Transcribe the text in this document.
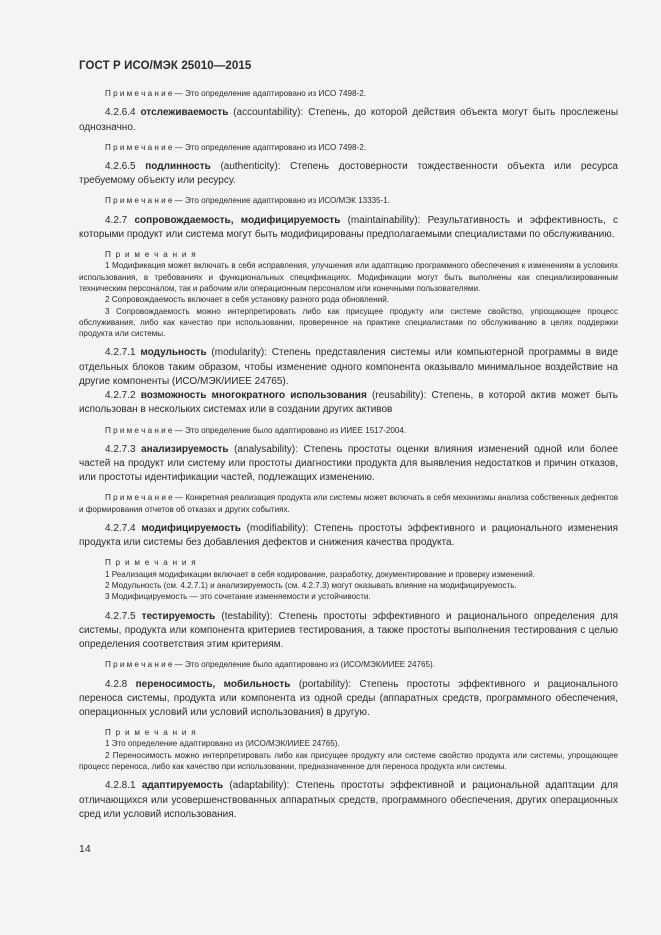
ГОСТ Р ИСО/МЭК 25010—2015

П р и м е ч а н и е — Это определение адаптировано из ИСО 7498-2.

4.2.6.4 отслеживаемость (accountability): Степень, до которой действия объекта могут быть прослежены однозначно.

П р и м е ч а н и е — Это определение адаптировано из ИСО 7498-2.

4.2.6.5 подлинность (authenticity): Степень достоверности тождественности объекта или ресурса требуемому объекту или ресурсу.

П р и м е ч а н и е — Это определение адаптировано из ИСО/МЭК 13335-1.

4.2.7 сопровождаемость, модифицируемость (maintainability): Результативность и эффективность, с которыми продукт или система могут быть модифицированы предполагаемыми специалистами по обслуживанию.

П р и м е ч а н и я

1 Модификация может включать в себя исправления, улучшения или адаптацию программного обеспечения к изменениям в условиях использования, в требованиях и функциональных спецификациях. Модификации могут быть выполнены как специализированным техническим персоналом, так и рабочим или операционным персоналом или конечными пользователями.

2 Сопровождаемость включает в себя установку разного рода обновлений.

3 Сопровождаемость можно интерпретировать либо как присущее продукту или системе свойство, упрощающее процесс обслуживания, либо как качество при использовании, проверенное на практике специалистами по обслуживанию в целях поддержки продукта или системы.

4.2.7.1 модульность (modularity): Степень представления системы или компьютерной программы в виде отдельных блоков таким образом, чтобы изменение одного компонента оказывало минимальное воздействие на другие компоненты (ИСО/МЭК/ИИЕЕ 24765).

4.2.7.2 возможность многократного использования (reusability): Степень, в которой актив может быть использован в нескольких системах или в создании других активов

П р и м е ч а н и е — Это определение было адаптировано из ИИЕЕ 1517-2004.

4.2.7.3 анализируемость (analysability): Степень простоты оценки влияния изменений одной или более частей на продукт или систему или простоты диагностики продукта для выявления недостатков и причин отказов, или простоты идентификации частей, подлежащих изменению.

П р и м е ч а н и е — Конкретная реализация продукта или системы может включать в себя механизмы анализа собственных дефектов и формирования отчетов об отказах и других событиях.

4.2.7.4 модифицируемость (modifiability): Степень простоты эффективного и рационального изменения продукта или системы без добавления дефектов и снижения качества продукта.

П р и м е ч а н и я

1 Реализация модификации включает в себя кодирование, разработку, документирование и проверку изменений.

2 Модульность (см. 4.2.7.1) и анализируемость (см. 4.2.7.3) могут оказывать влияние на модифицируемость.

3 Модифицируемость — это сочетание изменяемости и устойчивости.

4.2.7.5 тестируемость (testability): Степень простоты эффективного и рационального определения для системы, продукта или компонента критериев тестирования, а также простоты выполнения тестирования с целью определения соответствия этим критериям.

П р и м е ч а н и е — Это определение было адаптировано из (ИСО/МЭК/ИИЕЕ 24765).

4.2.8 переносимость, мобильность (portability): Степень простоты эффективного и рационального переноса системы, продукта или компонента из одной среды (аппаратных средств, программного обеспечения, операционных условий или условий использования) в другую.

П р и м е ч а н и я

1 Это определение адаптировано из (ИСО/МЭК/ИИЕЕ 24765).

2 Переносимость можно интерпретировать либо как присущее продукту или системе свойство продукта или системы, упрощающее процесс переноса, либо как качество при использовании, предназначенное для переноса продукта или системы.

4.2.8.1 адаптируемость (adaptability): Степень простоты эффективной и рациональной адаптации для отличающихся или усовершенствованных аппаратных средств, программного обеспечения, других операционных сред или условий использования.

14
